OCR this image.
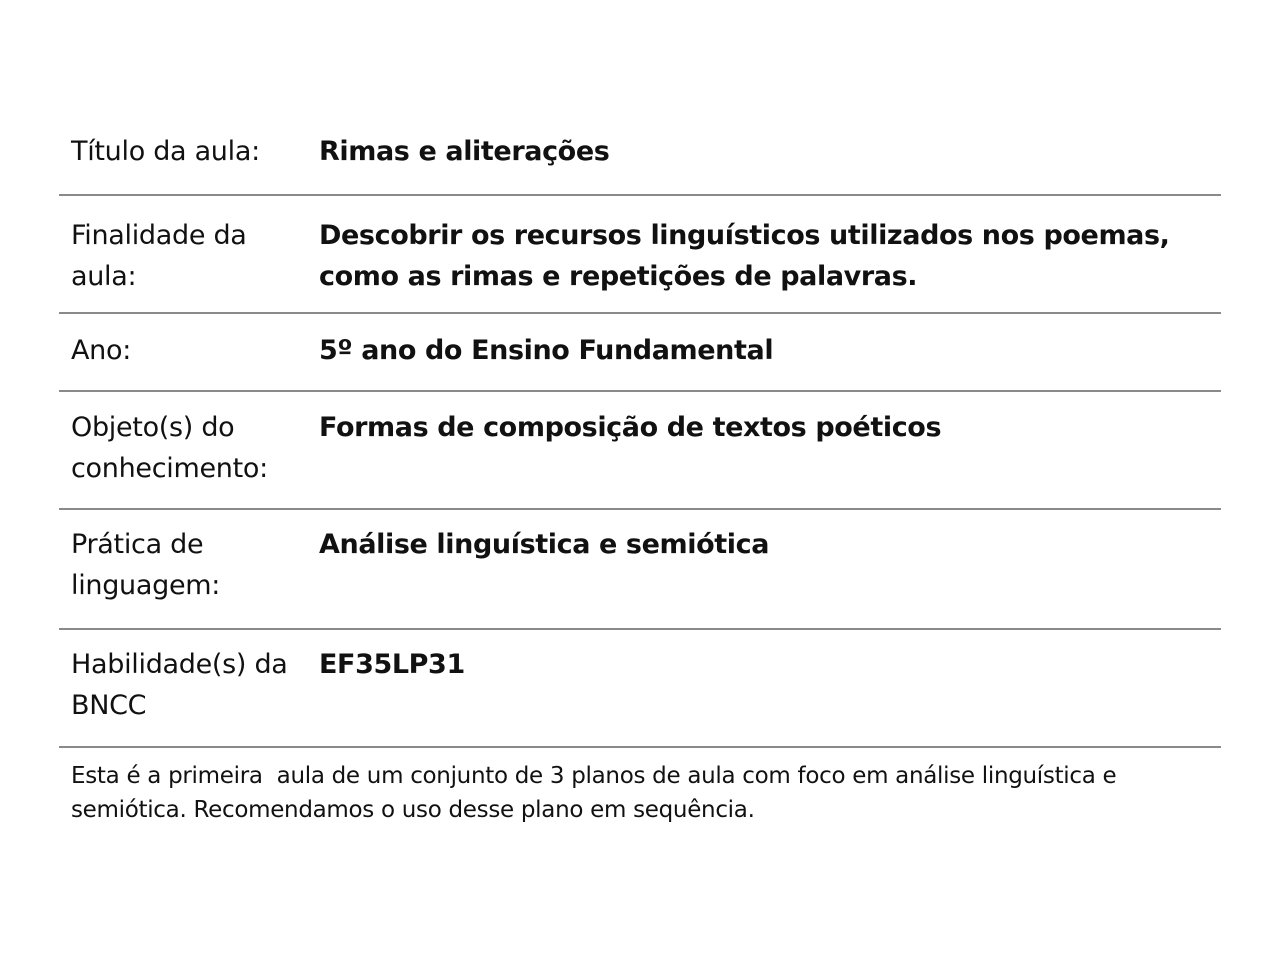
Título da aula:	Rimas e aliterações
Finalidade da aula:
Descobrir os recursos linguísticos utilizados nos poemas, como as rimas e repetições de palavras.
Ano:	5º ano do Ensino Fundamental
Objeto(s) do conhecimento:
Formas de composição de textos poéticos
Prática de linguagem:
Análise linguística e semiótica
Habilidade(s) da BNCC
EF35LP31
Esta é a primeira  aula de um conjunto de 3 planos de aula com foco em análise linguística e semiótica. Recomendamos o uso desse plano em sequência.
